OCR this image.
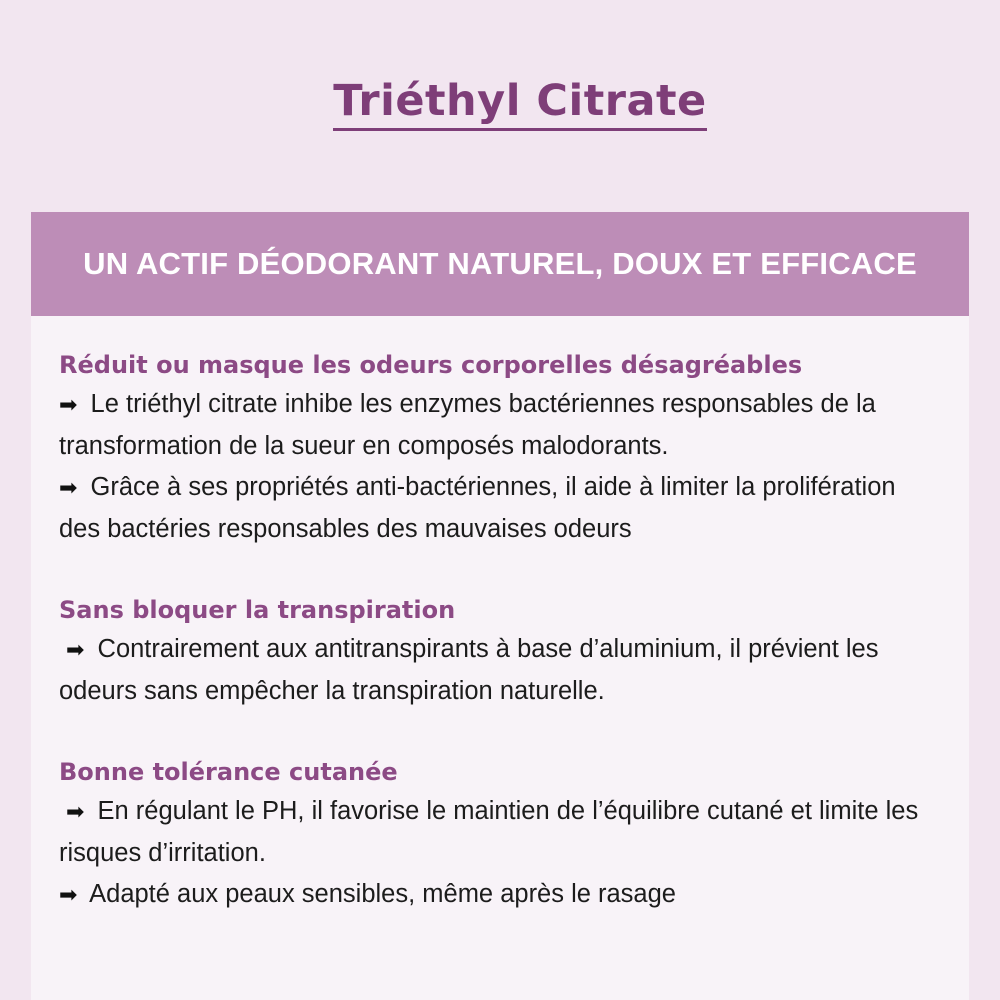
Triéthyl Citrate
UN ACTIF DÉODORANT NATUREL, DOUX ET EFFICACE
Réduit ou masque les odeurs corporelles désagréables
➡ Le triéthyl citrate inhibe les enzymes bactériennes responsables de la transformation de la sueur en composés malodorants.
➡ Grâce à ses propriétés anti-bactériennes, il aide à limiter la prolifération des bactéries responsables des mauvaises odeurs
Sans bloquer la transpiration
➡ Contrairement aux antitranspirants à base d’aluminium, il prévient les odeurs sans empêcher la transpiration naturelle.
Bonne tolérance cutanée
➡ En régulant le PH, il favorise le maintien de l’équilibre cutané et limite les risques d’irritation.
➡ Adapté aux peaux sensibles, même après le rasage
